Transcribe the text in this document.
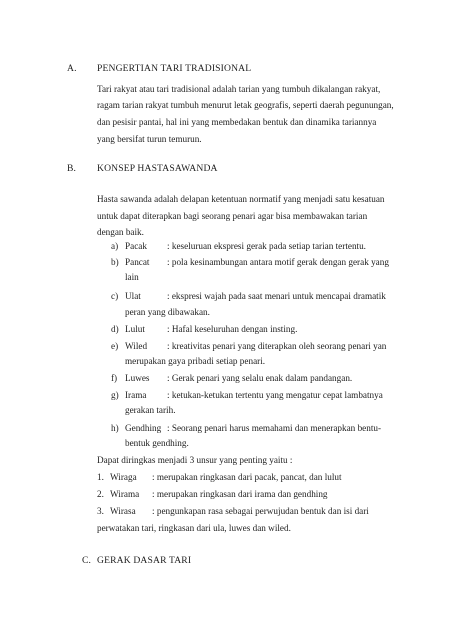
A. PENGERTIAN TARI TRADISIONAL
Tari rakyat atau tari tradisional adalah tarian yang tumbuh dikalangan rakyat,
ragam tarian rakyat tumbuh menurut letak geografis, seperti daerah pegunungan,
dan pesisir pantai, hal ini yang membedakan bentuk dan dinamika tariannya
yang bersifat turun temurun.
B. KONSEP HASTASAWANDA
Hasta sawanda adalah delapan ketentuan normatif yang menjadi satu kesatuan
untuk dapat diterapkan bagi seorang penari agar bisa membawakan tarian
dengan baik.
a) Pacak : keseluruan ekspresi gerak pada setiap tarian tertentu.
b) Pancat : pola kesinambungan antara motif gerak dengan gerak yang
lain
c) Ulat	: ekspresi wajah pada saat menari untuk mencapai dramatik
peran yang dibawakan.
d) Lulut : Hafal keseluruhan dengan insting.
e) Wiled : kreativitas penari yang diterapkan oleh seorang penari yan
merupakan gaya pribadi setiap penari.
f) Luwes : Gerak penari yang selalu enak dalam pandangan.
g) Irama : ketukan-ketukan tertentu yang mengatur cepat lambatnya
gerakan tarih.
h) Gendhing : Seorang penari harus memahami dan menerapkan bentu-
bentuk gendhing.
Dapat diringkas menjadi 3 unsur yang penting yaitu :
1. Wiraga : merupakan ringkasan dari pacak, pancat, dan lulut
2. Wirama : merupakan ringkasan dari irama dan gendhing
3. Wirasa : pengunkapan rasa sebagai perwujudan bentuk dan isi dari
perwatakan tari, ringkasan dari ula, luwes dan wiled.
C. GERAK DASAR TARI
